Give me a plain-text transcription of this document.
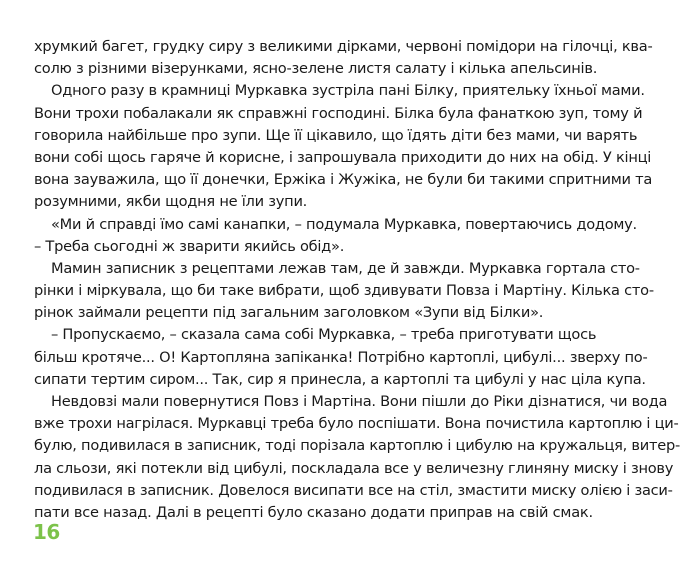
хрумкий багет, грудку сиру з великими дірками, червоні помідори на гілочці, ква-
солю з різними візерунками, ясно-зелене листя салату і кілька апельсинів.
Одного разу в крамниці Муркавка зустріла пані Білку, приятельку їхньої мами.
Вони трохи побалакали як справжні господині. Білка була фанаткою зуп, тому й
говорила найбільше про зупи. Ще її цікавило, що їдять діти без мами, чи варять
вони собі щось гаряче й корисне, і запрошувала приходити до них на обід. У кінці
вона зауважила, що її донечки, Ержіка і Жужіка, не були би такими спритними та
розумними, якби щодня не їли зупи.
«Ми й справді їмо самі канапки, – подумала Муркавка, повертаючись додому.
– Треба сьогодні ж зварити якийсь обід».
Мамин записник з рецептами лежав там, де й завжди. Муркавка гортала сто-
рінки і міркувала, що би таке вибрати, щоб здивувати Повза і Мартіну. Кілька сто-
рінок займали рецепти під загальним заголовком «Зупи від Білки».
– Пропускаємо, – сказала сама собі Муркавка, – треба приготувати щось
більш кротяче... О! Картопляна запіканка! Потрібно картоплі, цибулі... зверху по-
сипати тертим сиром... Так, сир я принесла, а картоплі та цибулі у нас ціла купа.
Невдовзі мали повернутися Повз і Мартіна. Вони пішли до Ріки дізнатися, чи вода
вже трохи нагрілася. Муркавці треба було поспішати. Вона почистила картоплю і ци-
булю, подивилася в записник, тоді порізала картоплю і цибулю на кружальця, витер-
ла сльози, які потекли від цибулі, поскладала все у величезну глиняну миску і знову
подивилася в записник. Довелося висипати все на стіл, змастити миску олією і заси-
пати все назад. Далі в рецепті було сказано додати приправ на свій смак.
16
